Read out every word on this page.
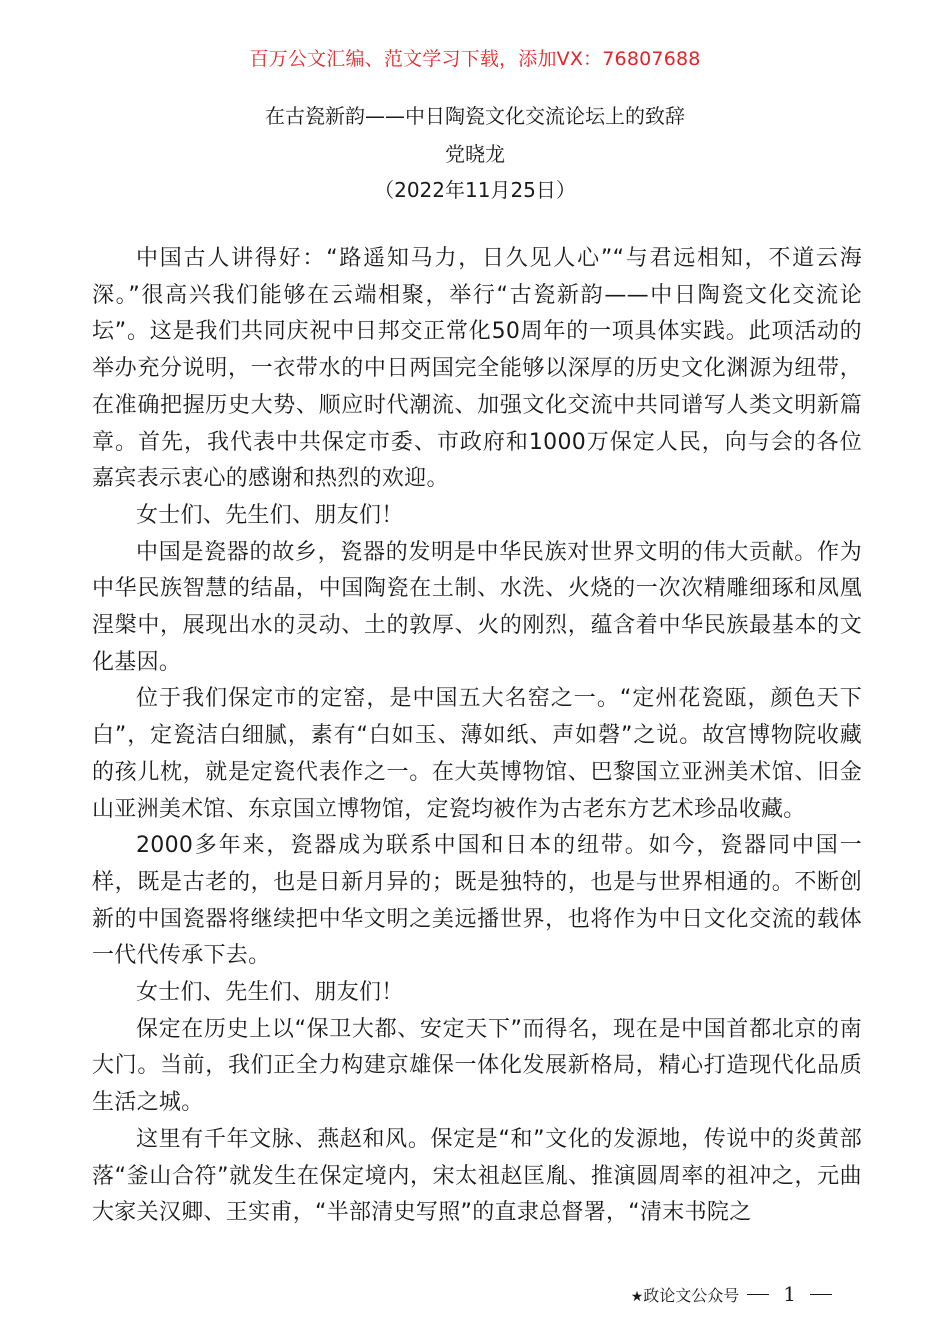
百万公文汇编、范文学习下载，添加VX：76807688
在古瓷新韵——中日陶瓷文化交流论坛上的致辞
党晓龙
（2022年11月25日）

中国古人讲得好：“路遥知马力，日久见人心”“与君远相知，不道云海深。”很高兴我们能够在云端相聚，举行“古瓷新韵——中日陶瓷文化交流论坛”。这是我们共同庆祝中日邦交正常化50周年的一项具体实践。此项活动的举办充分说明，一衣带水的中日两国完全能够以深厚的历史文化渊源为纽带，在准确把握历史大势、顺应时代潮流、加强文化交流中共同谱写人类文明新篇章。首先，我代表中共保定市委、市政府和1000万保定人民，向与会的各位嘉宾表示衷心的感谢和热烈的欢迎。

女士们、先生们、朋友们！

中国是瓷器的故乡，瓷器的发明是中华民族对世界文明的伟大贡献。作为中华民族智慧的结晶，中国陶瓷在土制、水洗、火烧的一次次精雕细琢和凤凰涅槃中，展现出水的灵动、土的敦厚、火的刚烈，蕴含着中华民族最基本的文化基因。

位于我们保定市的定窑，是中国五大名窑之一。“定州花瓷瓯，颜色天下白”，定瓷洁白细腻，素有“白如玉、薄如纸、声如磬”之说。故宫博物院收藏的孩儿枕，就是定瓷代表作之一。在大英博物馆、巴黎国立亚洲美术馆、旧金山亚洲美术馆、东京国立博物馆，定瓷均被作为古老东方艺术珍品收藏。

2000多年来，瓷器成为联系中国和日本的纽带。如今，瓷器同中国一样，既是古老的，也是日新月异的；既是独特的，也是与世界相通的。不断创新的中国瓷器将继续把中华文明之美远播世界，也将作为中日文化交流的载体一代代传承下去。

女士们、先生们、朋友们！

保定在历史上以“保卫大都、安定天下”而得名，现在是中国首都北京的南大门。当前，我们正全力构建京雄保一体化发展新格局，精心打造现代化品质生活之城。

这里有千年文脉、燕赵和风。保定是“和”文化的发源地，传说中的炎黄部落“釜山合符”就发生在保定境内，宋太祖赵匡胤、推演圆周率的祖冲之，元曲大家关汉卿、王实甫，“半部清史写照”的直隶总督署，“清末书院之

★政论文公众号	1
